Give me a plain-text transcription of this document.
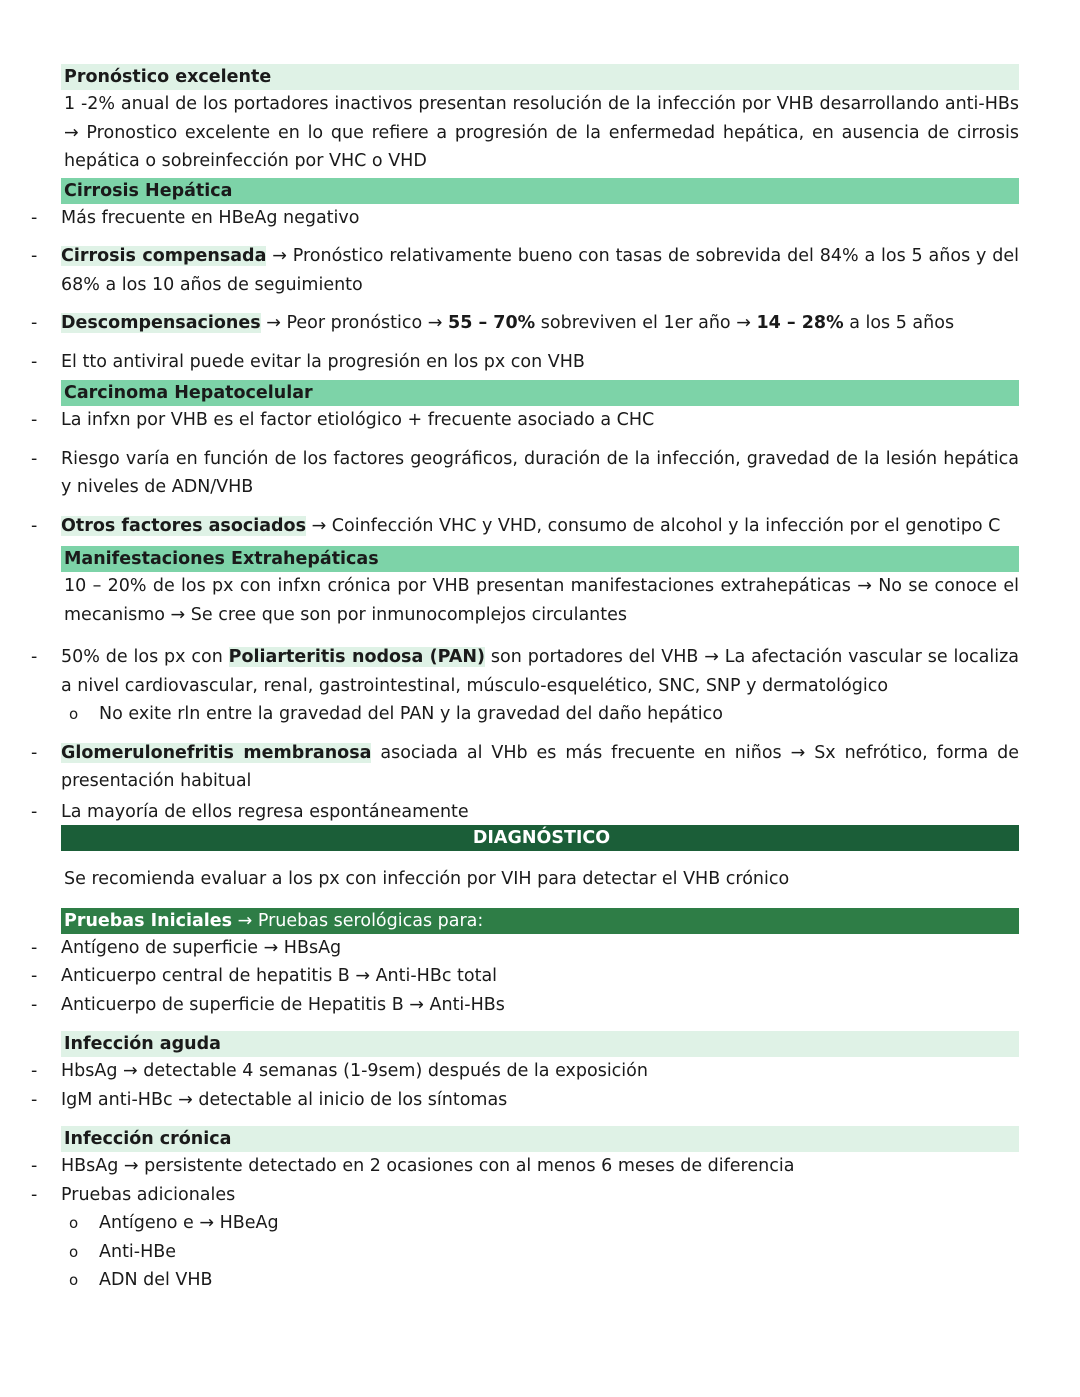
Pronóstico excelente

1 -2% anual de los portadores inactivos presentan resolución de la infección por VHB desarrollando anti-HBs → Pronostico excelente en lo que refiere a progresión de la enfermedad hepática, en ausencia de cirrosis hepática o sobreinfección por VHC o VHD

Cirrosis Hepática
- Más frecuente en HBeAg negativo
- Cirrosis compensada → Pronóstico relativamente bueno con tasas de sobrevida del 84% a los 5 años y del 68% a los 10 años de seguimiento
- Descompensaciones → Peor pronóstico → 55 – 70% sobreviven el 1er año → 14 – 28% a los 5 años
- El tto antiviral puede evitar la progresión en los px con VHB
Carcinoma Hepatocelular
- La infxn por VHB es el factor etiológico + frecuente asociado a CHC
- Riesgo varía en función de los factores geográficos, duración de la infección, gravedad de la lesión hepática y niveles de ADN/VHB
- Otros factores asociados → Coinfección VHC y VHD, consumo de alcohol y la infección por el genotipo C
Manifestaciones Extrahepáticas

10 – 20% de los px con infxn crónica por VHB presentan manifestaciones extrahepáticas → No se conoce el mecanismo → Se cree que son por inmunocomplejos circulantes

- 50% de los px con Poliarteritis nodosa (PAN) son portadores del VHB → La afectación vascular se localiza a nivel cardiovascular, renal, gastrointestinal, músculo-esquelético, SNC, SNP y dermatológico
o No exite rln entre la gravedad del PAN y la gravedad del daño hepático
- Glomerulonefritis membranosa asociada al VHb es más frecuente en niños → Sx nefrótico, forma de presentación habitual
- La mayoría de ellos regresa espontáneamente
DIAGNÓSTICO

Se recomienda evaluar a los px con infección por VIH para detectar el VHB crónico

Pruebas Iniciales → Pruebas serológicas para:
- Antígeno de superficie → HBsAg
- Anticuerpo central de hepatitis B → Anti-HBc total
- Anticuerpo de superficie de Hepatitis B → Anti-HBs
Infección aguda
- HbsAg → detectable 4 semanas (1-9sem) después de la exposición
- IgM anti-HBc → detectable al inicio de los síntomas
Infección crónica
- HBsAg → persistente detectado en 2 ocasiones con al menos 6 meses de diferencia
- Pruebas adicionales
o Antígeno e → HBeAg
o Anti-HBe
o ADN del VHB
